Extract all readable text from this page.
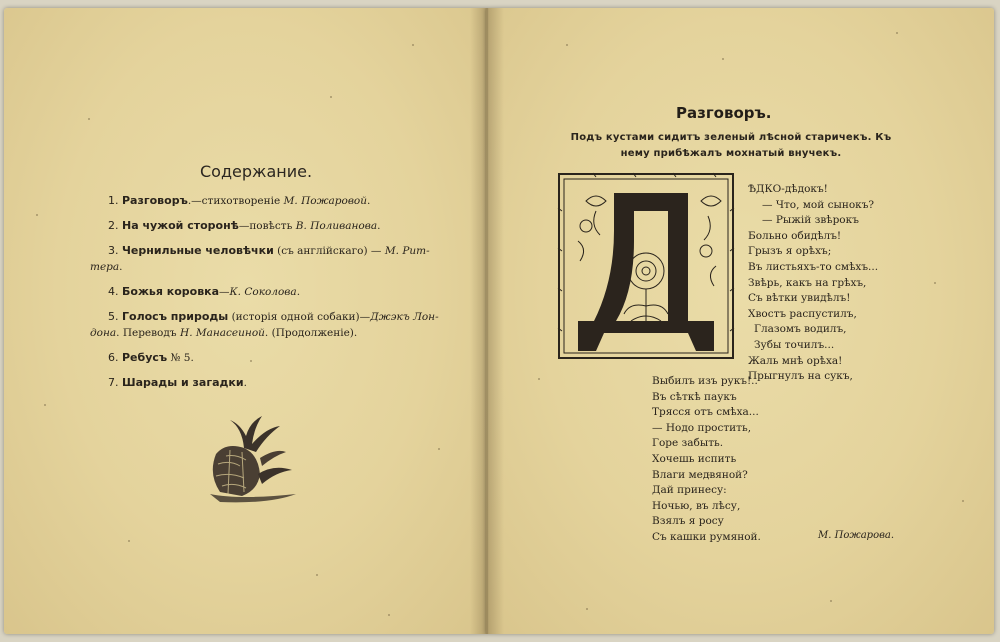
Содержание.
1. Разговоръ.—стихотвореніе М. Пожаровой.
2. На чужой сторонѣ—повѣсть В. Поливанова.
3. Чернильные человѣчки (съ англійскаго) — М. Рит-
тера.
4. Божья коровка—К. Соколова.
5. Голосъ природы (исторія одной собаки)—Джэкъ Лон-
дона. Переводъ Н. Манасеиной. (Продолженіе).
6. Ребусъ № 5.
7. Шарады и загадки.
Разговоръ.
Подъ кустами сидитъ зеленый лѣсной старичекъ. Къ
нему прибѣжалъ мохнатый внучекъ.
ѢДКО-дѣдокъ!
— Что, мой сынокъ?
— Рыжій звѣрокъ
Больно обидѣлъ!
Грызъ я орѣхъ;
Въ листьяхъ-то смѣхъ...
Звѣрь, какъ на грѣхъ,
Съ вѣтки увидѣлъ!
Хвостъ распустилъ,
Глазомъ водилъ,
Зубы точилъ...
Жаль мнѣ орѣха!
Прыгнулъ на сукъ,
Выбилъ изъ рукъ!..
Въ сѣткѣ паукъ
Трясся отъ смѣха...
— Нодо простить,
Горе забыть.
Хочешь испить
Влаги медвяной?
Дай принесу:
Ночью, въ лѣсу,
Взялъ я росу
Съ кашки румяной.	М. Пожарова.
